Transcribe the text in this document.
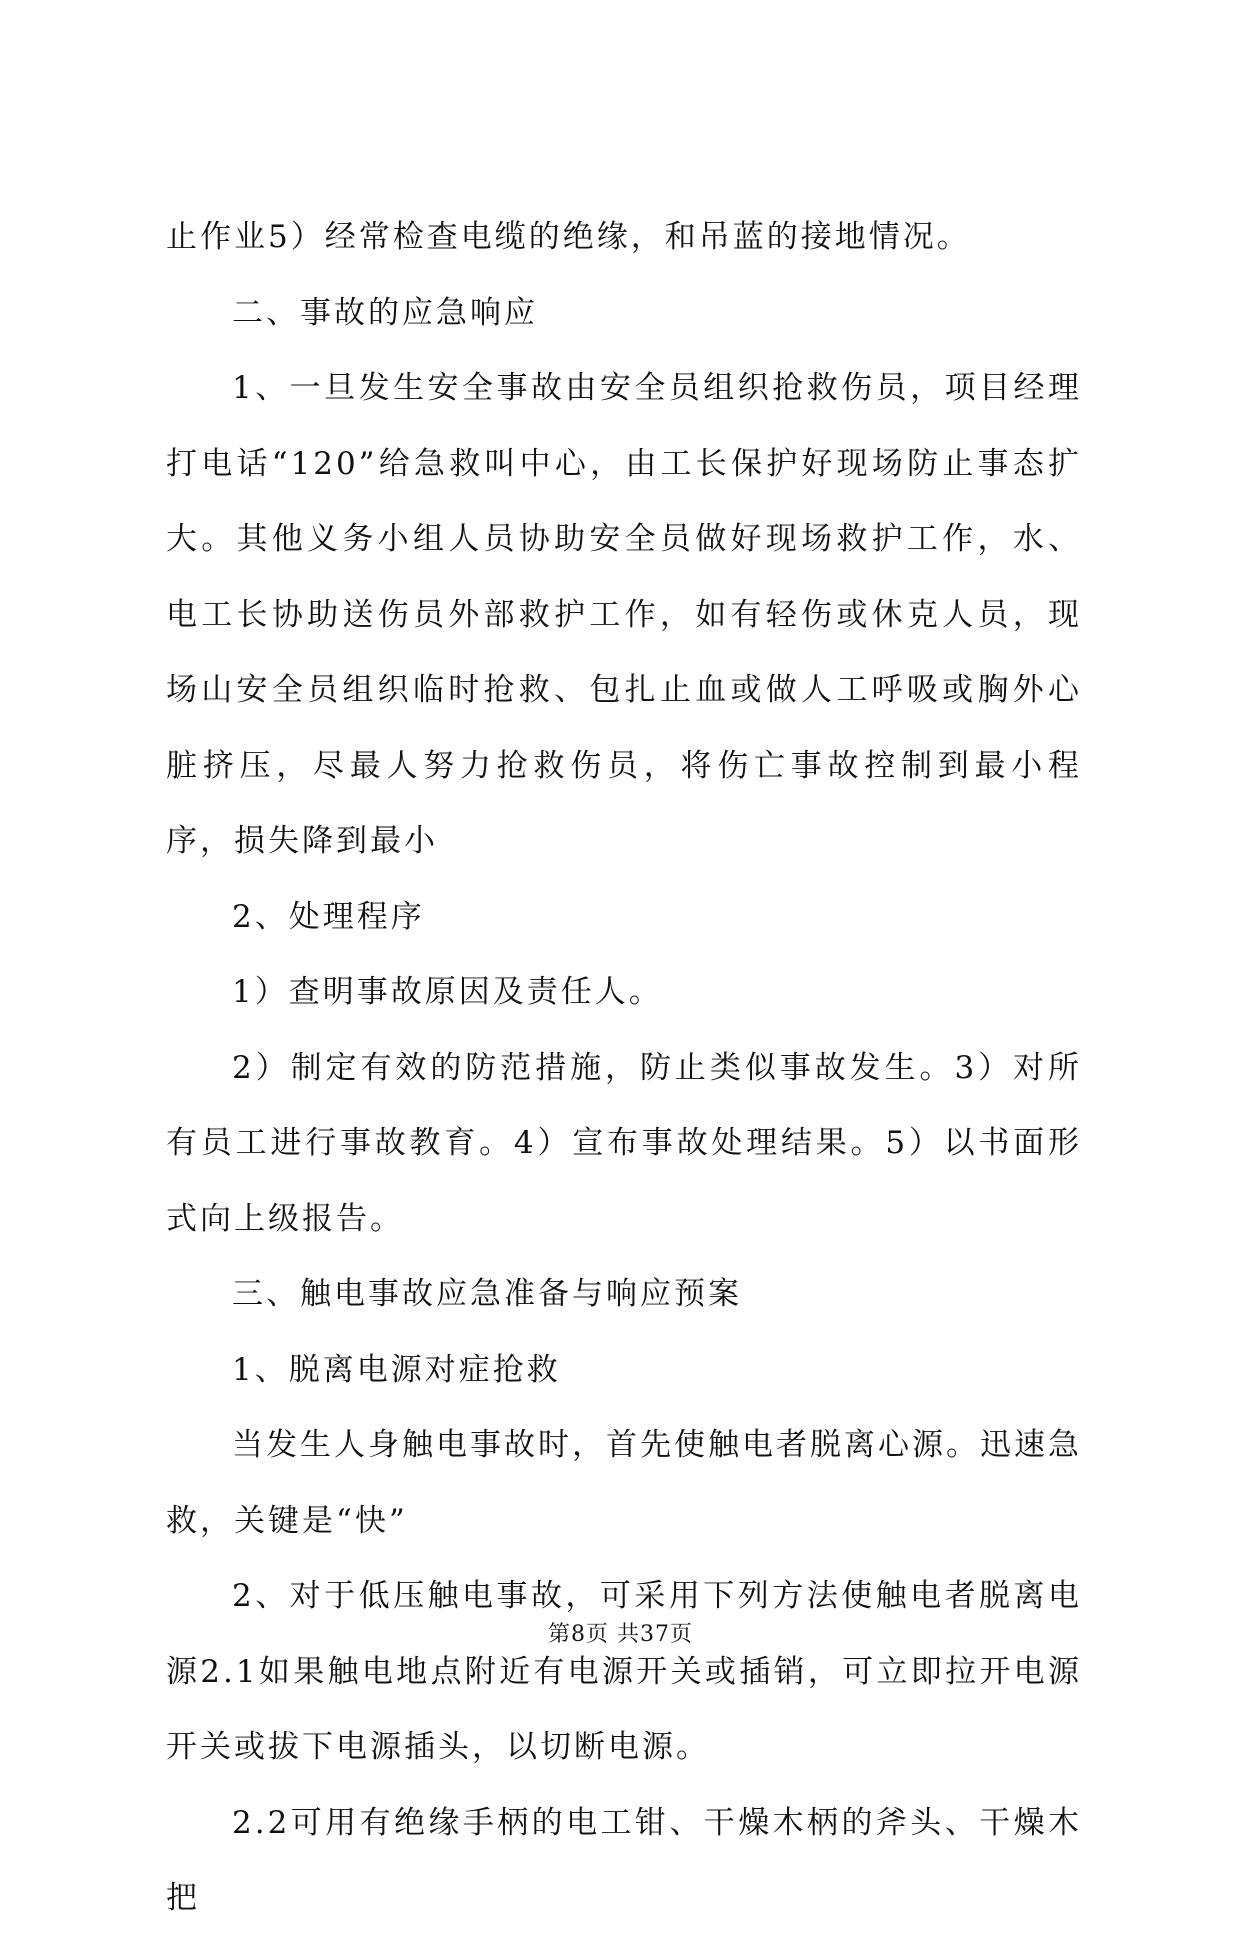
止作业5）经常检查电缆的绝缘，和吊蓝的接地情况。

二、事故的应急响应

1、一旦发生安全事故由安全员组织抢救伤员，项目经理打电话“120”给急救叫中心，由工长保护好现场防止事态扩大。其他义务小组人员协助安全员做好现场救护工作，水、电工长协助送伤员外部救护工作，如有轻伤或休克人员，现场山安全员组织临时抢救、包扎止血或做人工呼吸或胸外心脏挤压，尽最人努力抢救伤员，将伤亡事故控制到最小程序，损失降到最小

2、处理程序

1）查明事故原因及责任人。

2）制定有效的防范措施，防止类似事故发生。3）对所有员工进行事故教育。4）宣布事故处理结果。5）以书面形式向上级报告。

三、触电事故应急准备与响应预案

1、脱离电源对症抢救

当发生人身触电事故时，首先使触电者脱离心源。迅速急救，关键是“快”

2、对于低压触电事故，可采用下列方法使触电者脱离电源2.1如果触电地点附近有电源开关或插销，可立即拉开电源开关或拔下电源插头，以切断电源。

2.2可用有绝缘手柄的电工钳、干燥木柄的斧头、干燥木把

第8页 共37页
